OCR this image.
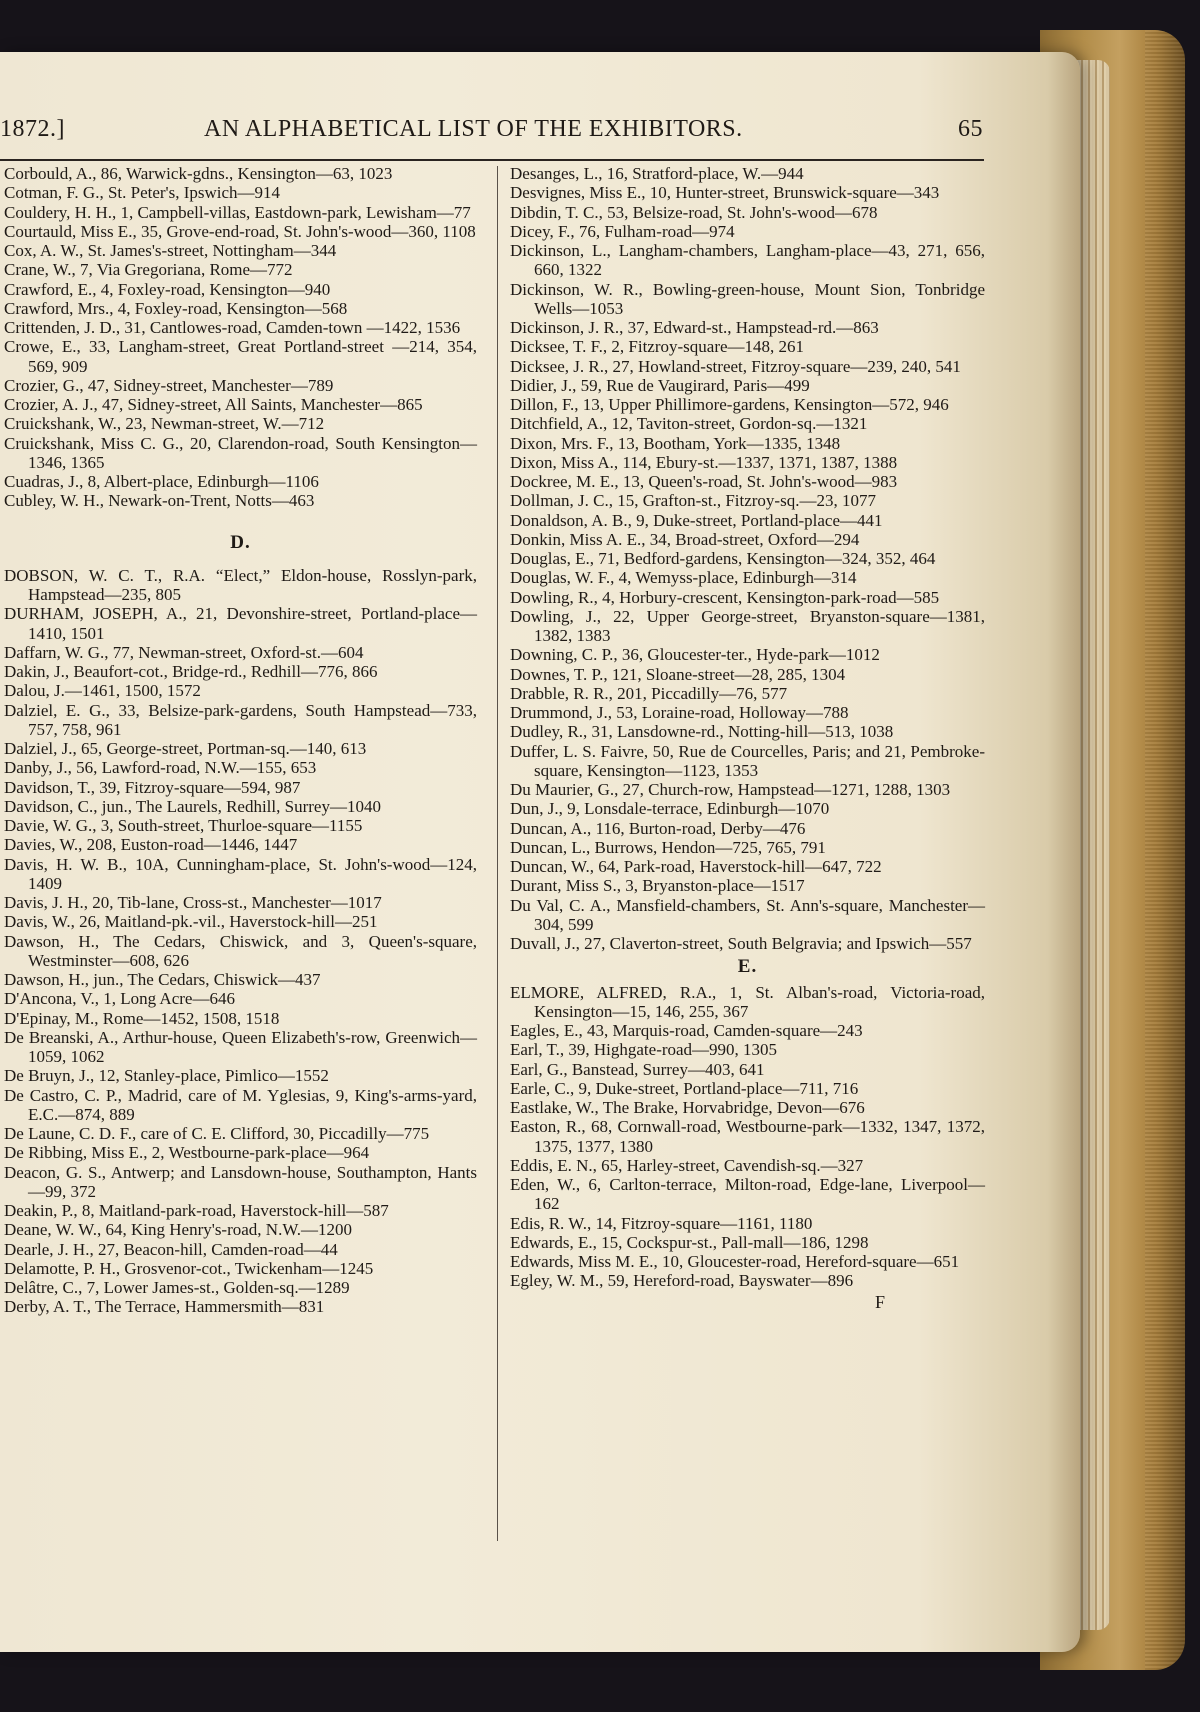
1872.]	AN ALPHABETICAL LIST OF THE EXHIBITORS.	65
Corbould, A., 86, Warwick-gdns., Kensington—63, 1023
Cotman, F. G., St. Peter's, Ipswich—914
Couldery, H. H., 1, Campbell-villas, Eastdown-park, Lewisham—77
Courtauld, Miss E., 35, Grove-end-road, St. John's-wood—360, 1108
Cox, A. W., St. James's-street, Nottingham—344
Crane, W., 7, Via Gregoriana, Rome—772
Crawford, E., 4, Foxley-road, Kensington—940
Crawford, Mrs., 4, Foxley-road, Kensington—568
Crittenden, J. D., 31, Cantlowes-road, Camden-town —1422, 1536
Crowe, E., 33, Langham-street, Great Portland-street —214, 354, 569, 909
Crozier, G., 47, Sidney-street, Manchester—789
Crozier, A. J., 47, Sidney-street, All Saints, Manchester—865
Cruickshank, W., 23, Newman-street, W.—712
Cruickshank, Miss C. G., 20, Clarendon-road, South Kensington—1346, 1365
Cuadras, J., 8, Albert-place, Edinburgh—1106
Cubley, W. H., Newark-on-Trent, Notts—463
D.
DOBSON, W. C. T., R.A. “Elect,” Eldon-house, Rosslyn-park, Hampstead—235, 805
DURHAM, JOSEPH, A., 21, Devonshire-street, Portland-place—1410, 1501
Daffarn, W. G., 77, Newman-street, Oxford-st.—604
Dakin, J., Beaufort-cot., Bridge-rd., Redhill—776, 866
Dalou, J.—1461, 1500, 1572
Dalziel, E. G., 33, Belsize-park-gardens, South Hampstead—733, 757, 758, 961
Dalziel, J., 65, George-street, Portman-sq.—140, 613
Danby, J., 56, Lawford-road, N.W.—155, 653
Davidson, T., 39, Fitzroy-square—594, 987
Davidson, C., jun., The Laurels, Redhill, Surrey—1040
Davie, W. G., 3, South-street, Thurloe-square—1155
Davies, W., 208, Euston-road—1446, 1447
Davis, H. W. B., 10A, Cunningham-place, St. John's-wood—124, 1409
Davis, J. H., 20, Tib-lane, Cross-st., Manchester—1017
Davis, W., 26, Maitland-pk.-vil., Haverstock-hill—251
Dawson, H., The Cedars, Chiswick, and 3, Queen's-square, Westminster—608, 626
Dawson, H., jun., The Cedars, Chiswick—437
D'Ancona, V., 1, Long Acre—646
D'Epinay, M., Rome—1452, 1508, 1518
De Breanski, A., Arthur-house, Queen Elizabeth's-row, Greenwich—1059, 1062
De Bruyn, J., 12, Stanley-place, Pimlico—1552
De Castro, C. P., Madrid, care of M. Yglesias, 9, King's-arms-yard, E.C.—874, 889
De Laune, C. D. F., care of C. E. Clifford, 30, Piccadilly—775
De Ribbing, Miss E., 2, Westbourne-park-place—964
Deacon, G. S., Antwerp; and Lansdown-house, Southampton, Hants—99, 372
Deakin, P., 8, Maitland-park-road, Haverstock-hill—587
Deane, W. W., 64, King Henry's-road, N.W.—1200
Dearle, J. H., 27, Beacon-hill, Camden-road—44
Delamotte, P. H., Grosvenor-cot., Twickenham—1245
Delâtre, C., 7, Lower James-st., Golden-sq.—1289
Derby, A. T., The Terrace, Hammersmith—831
Desanges, L., 16, Stratford-place, W.—944
Desvignes, Miss E., 10, Hunter-street, Brunswick-square—343
Dibdin, T. C., 53, Belsize-road, St. John's-wood—678
Dicey, F., 76, Fulham-road—974
Dickinson, L., Langham-chambers, Langham-place—43, 271, 656, 660, 1322
Dickinson, W. R., Bowling-green-house, Mount Sion, Tonbridge Wells—1053
Dickinson, J. R., 37, Edward-st., Hampstead-rd.—863
Dicksee, T. F., 2, Fitzroy-square—148, 261
Dicksee, J. R., 27, Howland-street, Fitzroy-square—239, 240, 541
Didier, J., 59, Rue de Vaugirard, Paris—499
Dillon, F., 13, Upper Phillimore-gardens, Kensington—572, 946
Ditchfield, A., 12, Taviton-street, Gordon-sq.—1321
Dixon, Mrs. F., 13, Bootham, York—1335, 1348
Dixon, Miss A., 114, Ebury-st.—1337, 1371, 1387, 1388
Dockree, M. E., 13, Queen's-road, St. John's-wood—983
Dollman, J. C., 15, Grafton-st., Fitzroy-sq.—23, 1077
Donaldson, A. B., 9, Duke-street, Portland-place—441
Donkin, Miss A. E., 34, Broad-street, Oxford—294
Douglas, E., 71, Bedford-gardens, Kensington—324, 352, 464
Douglas, W. F., 4, Wemyss-place, Edinburgh—314
Dowling, R., 4, Horbury-crescent, Kensington-park-road—585
Dowling, J., 22, Upper George-street, Bryanston-square—1381, 1382, 1383
Downing, C. P., 36, Gloucester-ter., Hyde-park—1012
Downes, T. P., 121, Sloane-street—28, 285, 1304
Drabble, R. R., 201, Piccadilly—76, 577
Drummond, J., 53, Loraine-road, Holloway—788
Dudley, R., 31, Lansdowne-rd., Notting-hill—513, 1038
Duffer, L. S. Faivre, 50, Rue de Courcelles, Paris; and 21, Pembroke-square, Kensington—1123, 1353
Du Maurier, G., 27, Church-row, Hampstead—1271, 1288, 1303
Dun, J., 9, Lonsdale-terrace, Edinburgh—1070
Duncan, A., 116, Burton-road, Derby—476
Duncan, L., Burrows, Hendon—725, 765, 791
Duncan, W., 64, Park-road, Haverstock-hill—647, 722
Durant, Miss S., 3, Bryanston-place—1517
Du Val, C. A., Mansfield-chambers, St. Ann's-square, Manchester—304, 599
Duvall, J., 27, Claverton-street, South Belgravia; and Ipswich—557
E.
ELMORE, ALFRED, R.A., 1, St. Alban's-road, Victoria-road, Kensington—15, 146, 255, 367
Eagles, E., 43, Marquis-road, Camden-square—243
Earl, T., 39, Highgate-road—990, 1305
Earl, G., Banstead, Surrey—403, 641
Earle, C., 9, Duke-street, Portland-place—711, 716
Eastlake, W., The Brake, Horvabridge, Devon—676
Easton, R., 68, Cornwall-road, Westbourne-park—1332, 1347, 1372, 1375, 1377, 1380
Eddis, E. N., 65, Harley-street, Cavendish-sq.—327
Eden, W., 6, Carlton-terrace, Milton-road, Edge-lane, Liverpool—162
Edis, R. W., 14, Fitzroy-square—1161, 1180
Edwards, E., 15, Cockspur-st., Pall-mall—186, 1298
Edwards, Miss M. E., 10, Gloucester-road, Hereford-square—651
Egley, W. M., 59, Hereford-road, Bayswater—896
F
